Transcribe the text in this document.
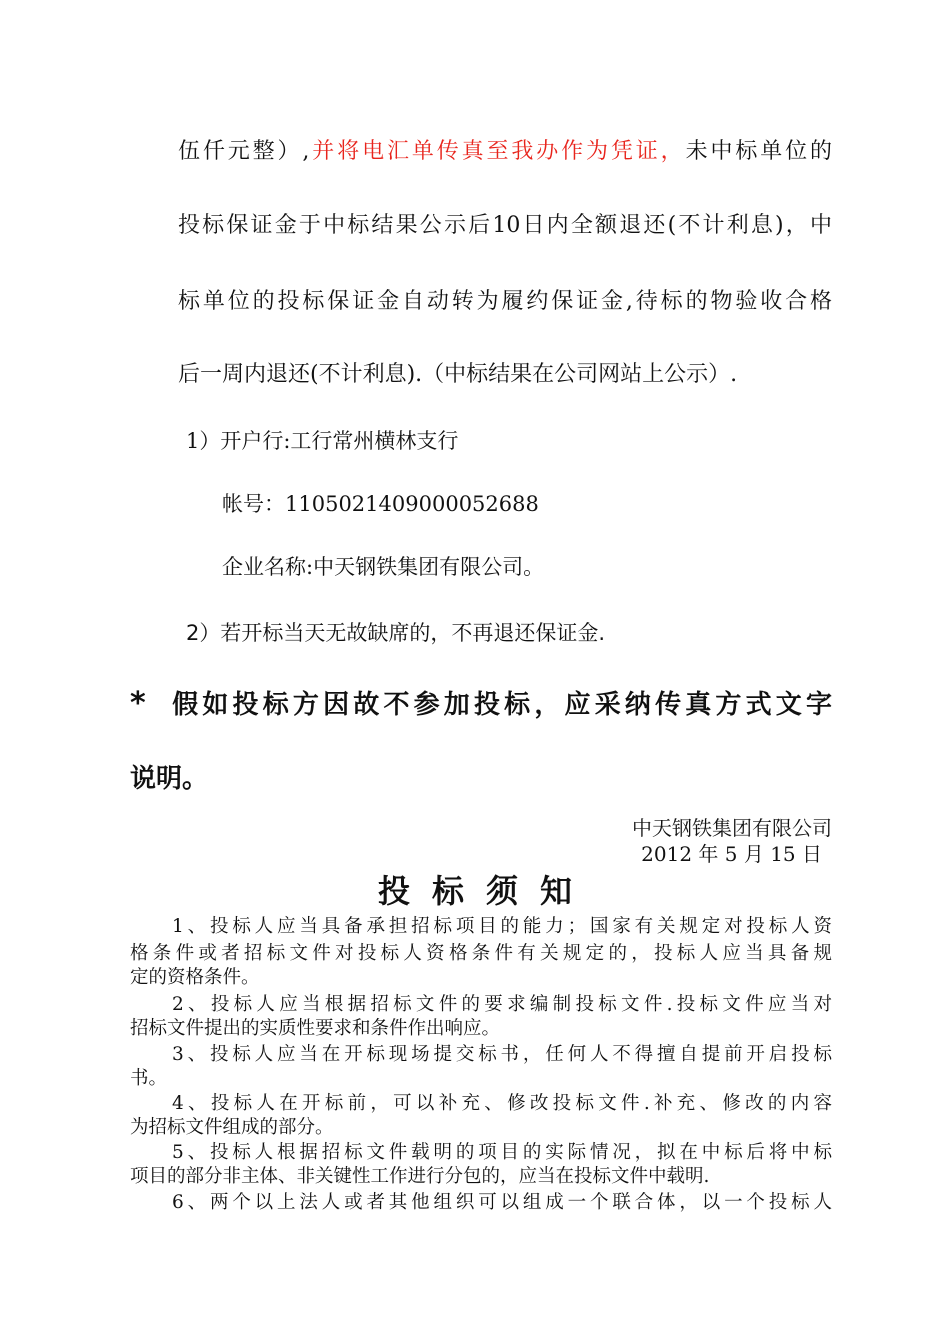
伍仟元整）,并将电汇单传真至我办作为凭证，未中标单位的
投标保证金于中标结果公示后10日内全额退还(不计利息)，中
标单位的投标保证金自动转为履约保证金,待标的物验收合格
后一周内退还(不计利息).（中标结果在公司网站上公示）.
1）开户行:工行常州横林支行
帐号：1105021409000052688
企业名称:中天钢铁集团有限公司。
2）若开标当天无故缺席的，不再退还保证金.
* 假如投标方因故不参加投标，应采纳传真方式文字
说明。
中天钢铁集团有限公司
2012 年 5 月 15 日
投标须知
1、投标人应当具备承担招标项目的能力；国家有关规定对投标人资
格条件或者招标文件对投标人资格条件有关规定的，投标人应当具备规
定的资格条件。
2、投标人应当根据招标文件的要求编制投标文件.投标文件应当对
招标文件提出的实质性要求和条件作出响应。
3、投标人应当在开标现场提交标书，任何人不得擅自提前开启投标
书。
4、投标人在开标前，可以补充、修改投标文件.补充、修改的内容
为招标文件组成的部分。
5、投标人根据招标文件载明的项目的实际情况，拟在中标后将中标
项目的部分非主体、非关键性工作进行分包的，应当在投标文件中载明.
6、两个以上法人或者其他组织可以组成一个联合体，以一个投标人
